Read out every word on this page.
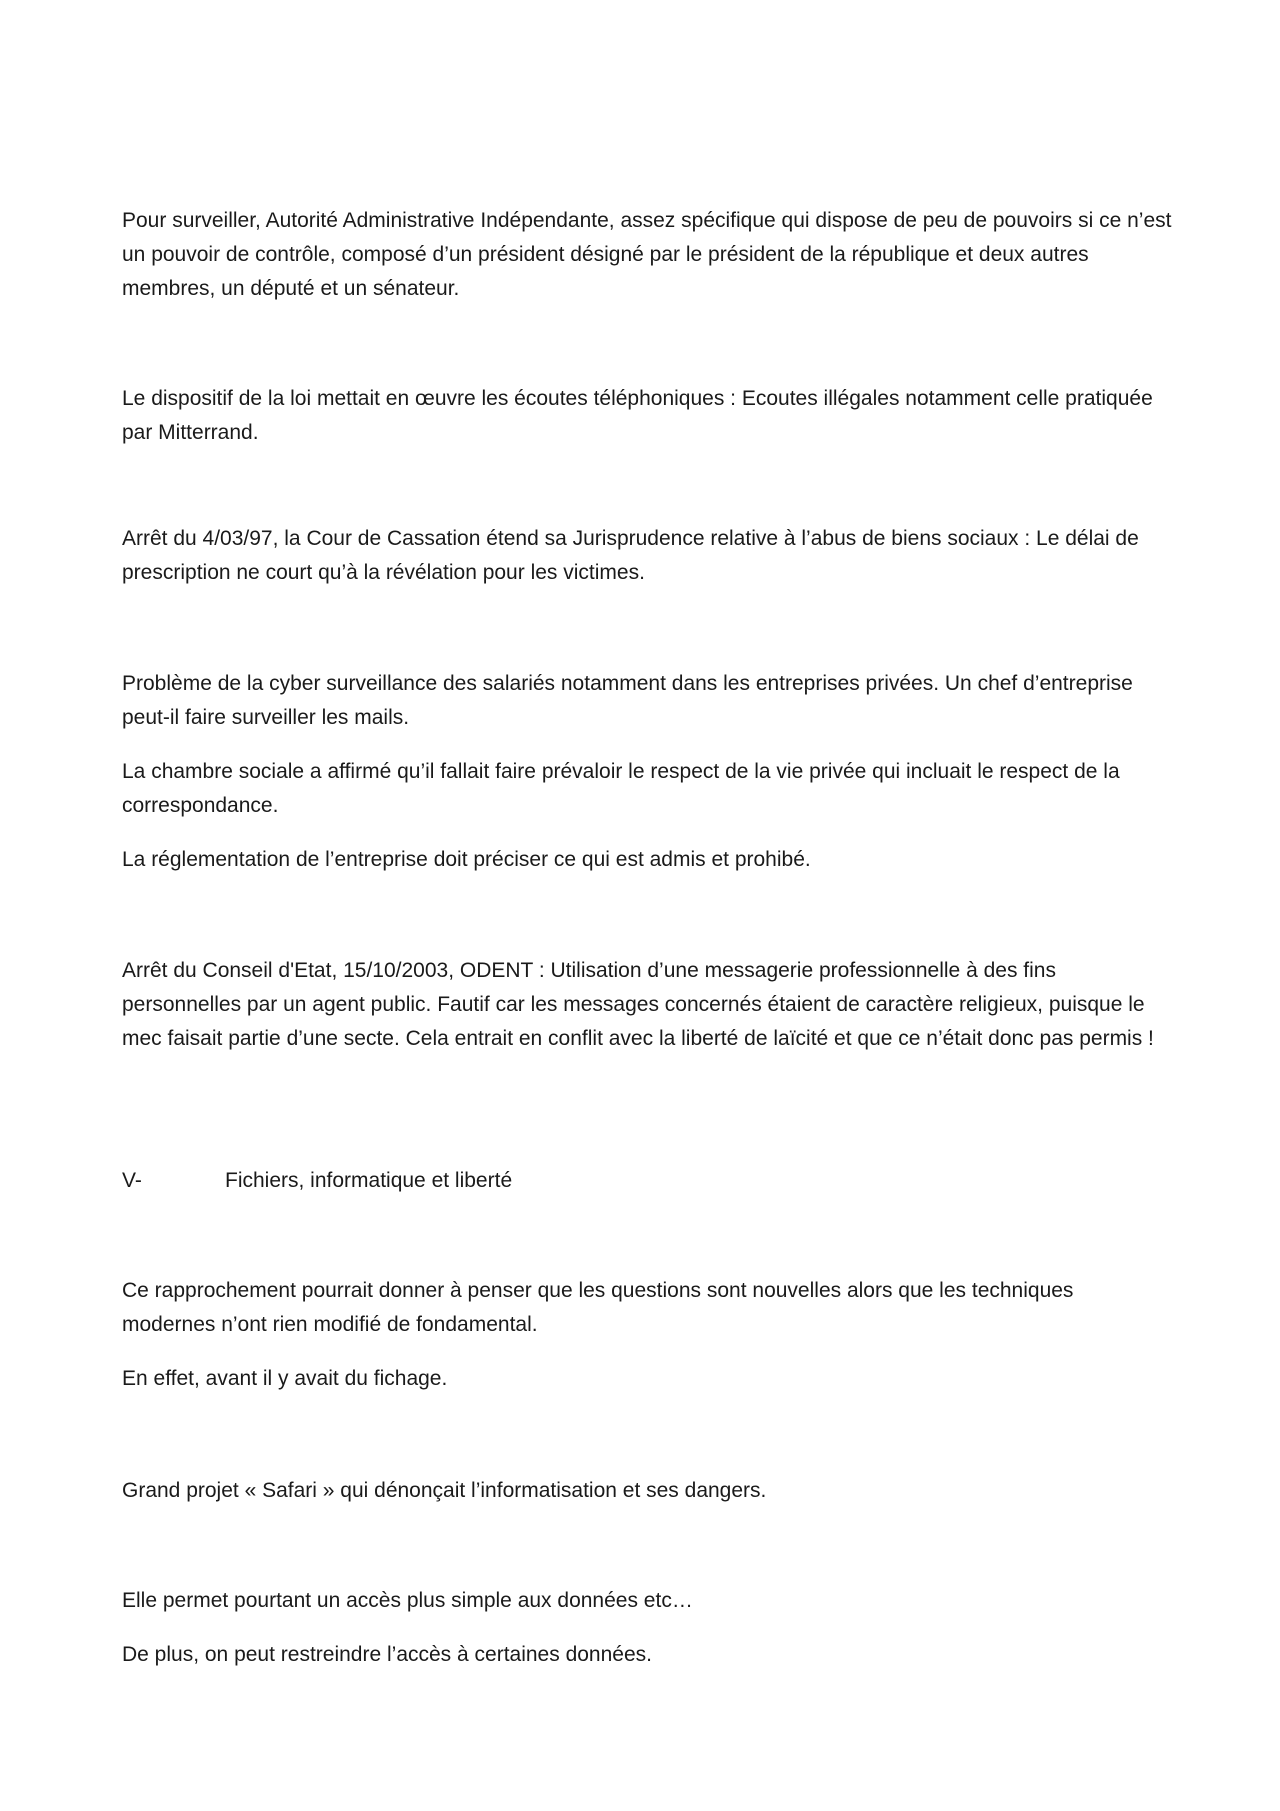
Pour surveiller, Autorité Administrative Indépendante, assez spécifique qui dispose de peu de pouvoirs si ce n’est un pouvoir de contrôle, composé d’un président désigné par le président de la république et deux autres membres, un député et un sénateur.

Le dispositif de la loi mettait en œuvre les écoutes téléphoniques : Ecoutes illégales notamment celle pratiquée par Mitterrand.

Arrêt du 4/03/97, la Cour de Cassation étend sa Jurisprudence relative à l’abus de biens sociaux : Le délai de prescription ne court qu’à la révélation pour les victimes.

Problème de la cyber surveillance des salariés notamment dans les entreprises privées. Un chef d’entreprise peut-il faire surveiller les mails.

La chambre sociale a affirmé qu’il fallait faire prévaloir le respect de la vie privée qui incluait le respect de la correspondance.

La réglementation de l’entreprise doit préciser ce qui est admis et prohibé.

Arrêt du Conseil d'Etat, 15/10/2003, ODENT : Utilisation d’une messagerie professionnelle à des fins personnelles par un agent public. Fautif car les messages concernés étaient de caractère religieux, puisque le mec faisait partie d’une secte. Cela entrait en conflit avec la liberté de laïcité et que ce n’était donc pas permis !

V-	Fichiers, informatique et liberté

Ce rapprochement pourrait donner à penser que les questions sont nouvelles alors que les techniques modernes n’ont rien modifié de fondamental.

En effet, avant il y avait du fichage.

Grand projet « Safari » qui dénonçait l’informatisation et ses dangers.

Elle permet pourtant un accès plus simple aux données etc…

De plus, on peut restreindre l’accès à certaines données.
